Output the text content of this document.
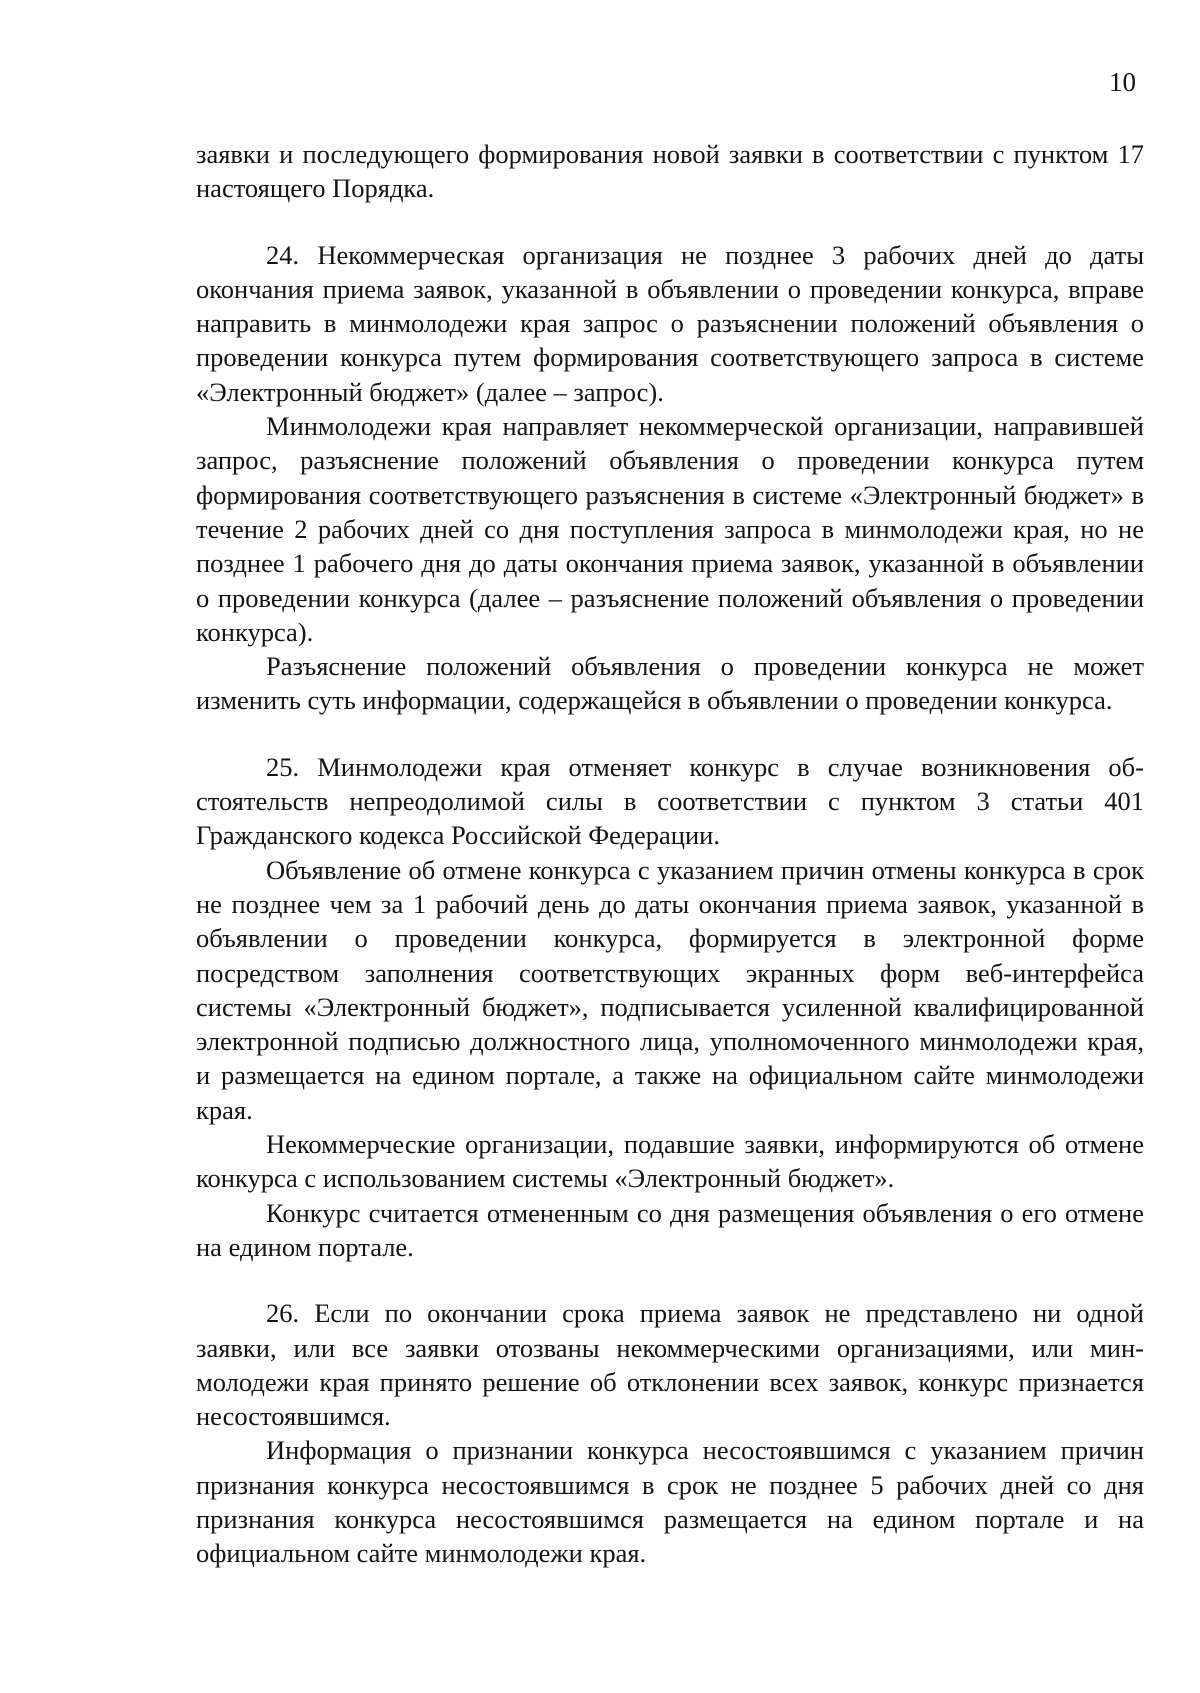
10

заявки и последующего формирования новой заявки в соответствии с пунктом 17 настоящего Порядка.

24. Некоммерческая организация не позднее 3 рабочих дней до даты окончания приема заявок, указанной в объявлении о проведении конкурса, вправе направить в минмолодежи края запрос о разъяснении положений объявления о проведении конкурса путем формирования соответствующего запроса в системе «Электронный бюджет» (далее – запрос).

Минмолодежи края направляет некоммерческой организации, направившей запрос, разъяснение положений объявления о проведении конкурса путем формирования соответствующего разъяснения в системе «Электронный бюджет» в течение 2 рабочих дней со дня поступления запроса в минмолодежи края, но не позднее 1 рабочего дня до даты окончания приема заявок, указанной в объявлении о проведении конкурса (далее – разъяснение положений объявления о проведении конкурса).

Разъяснение положений объявления о проведении конкурса не может изменить суть информации, содержащейся в объявлении о проведении конкурса.

25. Минмолодежи края отменяет конкурс в случае возникновения обстоятельств непреодолимой силы в соответствии с пунктом 3 статьи 401 Гражданского кодекса Российской Федерации.

Объявление об отмене конкурса с указанием причин отмены конкурса в срок не позднее чем за 1 рабочий день до даты окончания приема заявок, указанной в объявлении о проведении конкурса, формируется в электронной форме посредством заполнения соответствующих экранных форм веб-интерфейса системы «Электронный бюджет», подписывается усиленной квалифицированной электронной подписью должностного лица, уполномоченного минмолодежи края, и размещается на едином портале, а также на официальном сайте минмолодежи края.

Некоммерческие организации, подавшие заявки, информируются об отмене конкурса с использованием системы «Электронный бюджет».

Конкурс считается отмененным со дня размещения объявления о его отмене на едином портале.

26. Если по окончании срока приема заявок не представлено ни одной заявки, или все заявки отозваны некоммерческими организациями, или минмолодежи края принято решение об отклонении всех заявок, конкурс признается несостоявшимся.

Информация о признании конкурса несостоявшимся с указанием причин признания конкурса несостоявшимся в срок не позднее 5 рабочих дней со дня признания конкурса несостоявшимся размещается на едином портале и на официальном сайте минмолодежи края.
